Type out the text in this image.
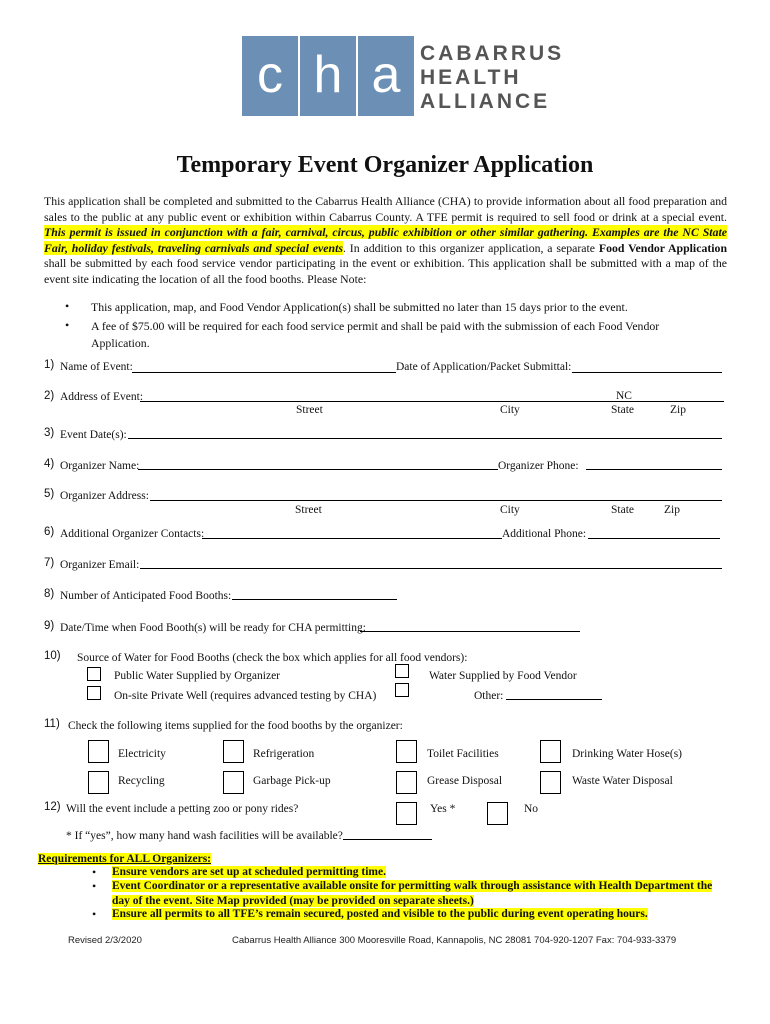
c h a CABARRUS
HEALTH
ALLIANCE
Temporary Event Organizer Application
This application shall be completed and submitted to the Cabarrus Health Alliance (CHA) to provide information about all food preparation and sales to the public at any public event or exhibition within Cabarrus County. A TFE permit is required to sell food or drink at a special event. This permit is issued in conjunction with a fair, carnival, circus, public exhibition or other similar gathering. Examples are the NC State Fair, holiday festivals, traveling carnivals and special events. In addition to this organizer application, a separate Food Vendor Application shall be submitted by each food service vendor participating in the event or exhibition. This application shall be submitted with a map of the event site indicating the location of all the food booths. Please Note:
• This application, map, and Food Vendor Application(s) shall be submitted no later than 15 days prior to the event.
• A fee of $75.00 will be required for each food service permit and shall be paid with the submission of each Food Vendor Application.
1) Name of Event:	Date of Application/Packet Submittal:
2) Address of Event:	NC
Street	City	State	Zip
3) Event Date(s):
4) Organizer Name:	Organizer Phone:
5) Organizer Address:
Street	City	State	Zip
6) Additional Organizer Contacts:	Additional Phone:
7) Organizer Email:
8) Number of Anticipated Food Booths:
9) Date/Time when Food Booth(s) will be ready for CHA permitting:
10) Source of Water for Food Booths (check the box which applies for all food vendors):
Public Water Supplied by Organizer	Water Supplied by Food Vendor
On-site Private Well (requires advanced testing by CHA)	Other:
11) Check the following items supplied for the food booths by the organizer:
Electricity	Refrigeration	Toilet Facilities	Drinking Water Hose(s)
Recycling	Garbage Pick-up	Grease Disposal	Waste Water Disposal
12) Will the event include a petting zoo or pony rides?	Yes *	No
* If “yes”, how many hand wash facilities will be available?
Requirements for ALL Organizers:
• Ensure vendors are set up at scheduled permitting time.
• Event Coordinator or a representative available onsite for permitting walk through assistance with Health Department the day of the event. Site Map provided (may be provided on separate sheets.)
• Ensure all permits to all TFE’s remain secured, posted and visible to the public during event operating hours.
Revised 2/3/2020	Cabarrus Health Alliance 300 Mooresville Road, Kannapolis, NC 28081 704-920-1207 Fax: 704-933-3379
